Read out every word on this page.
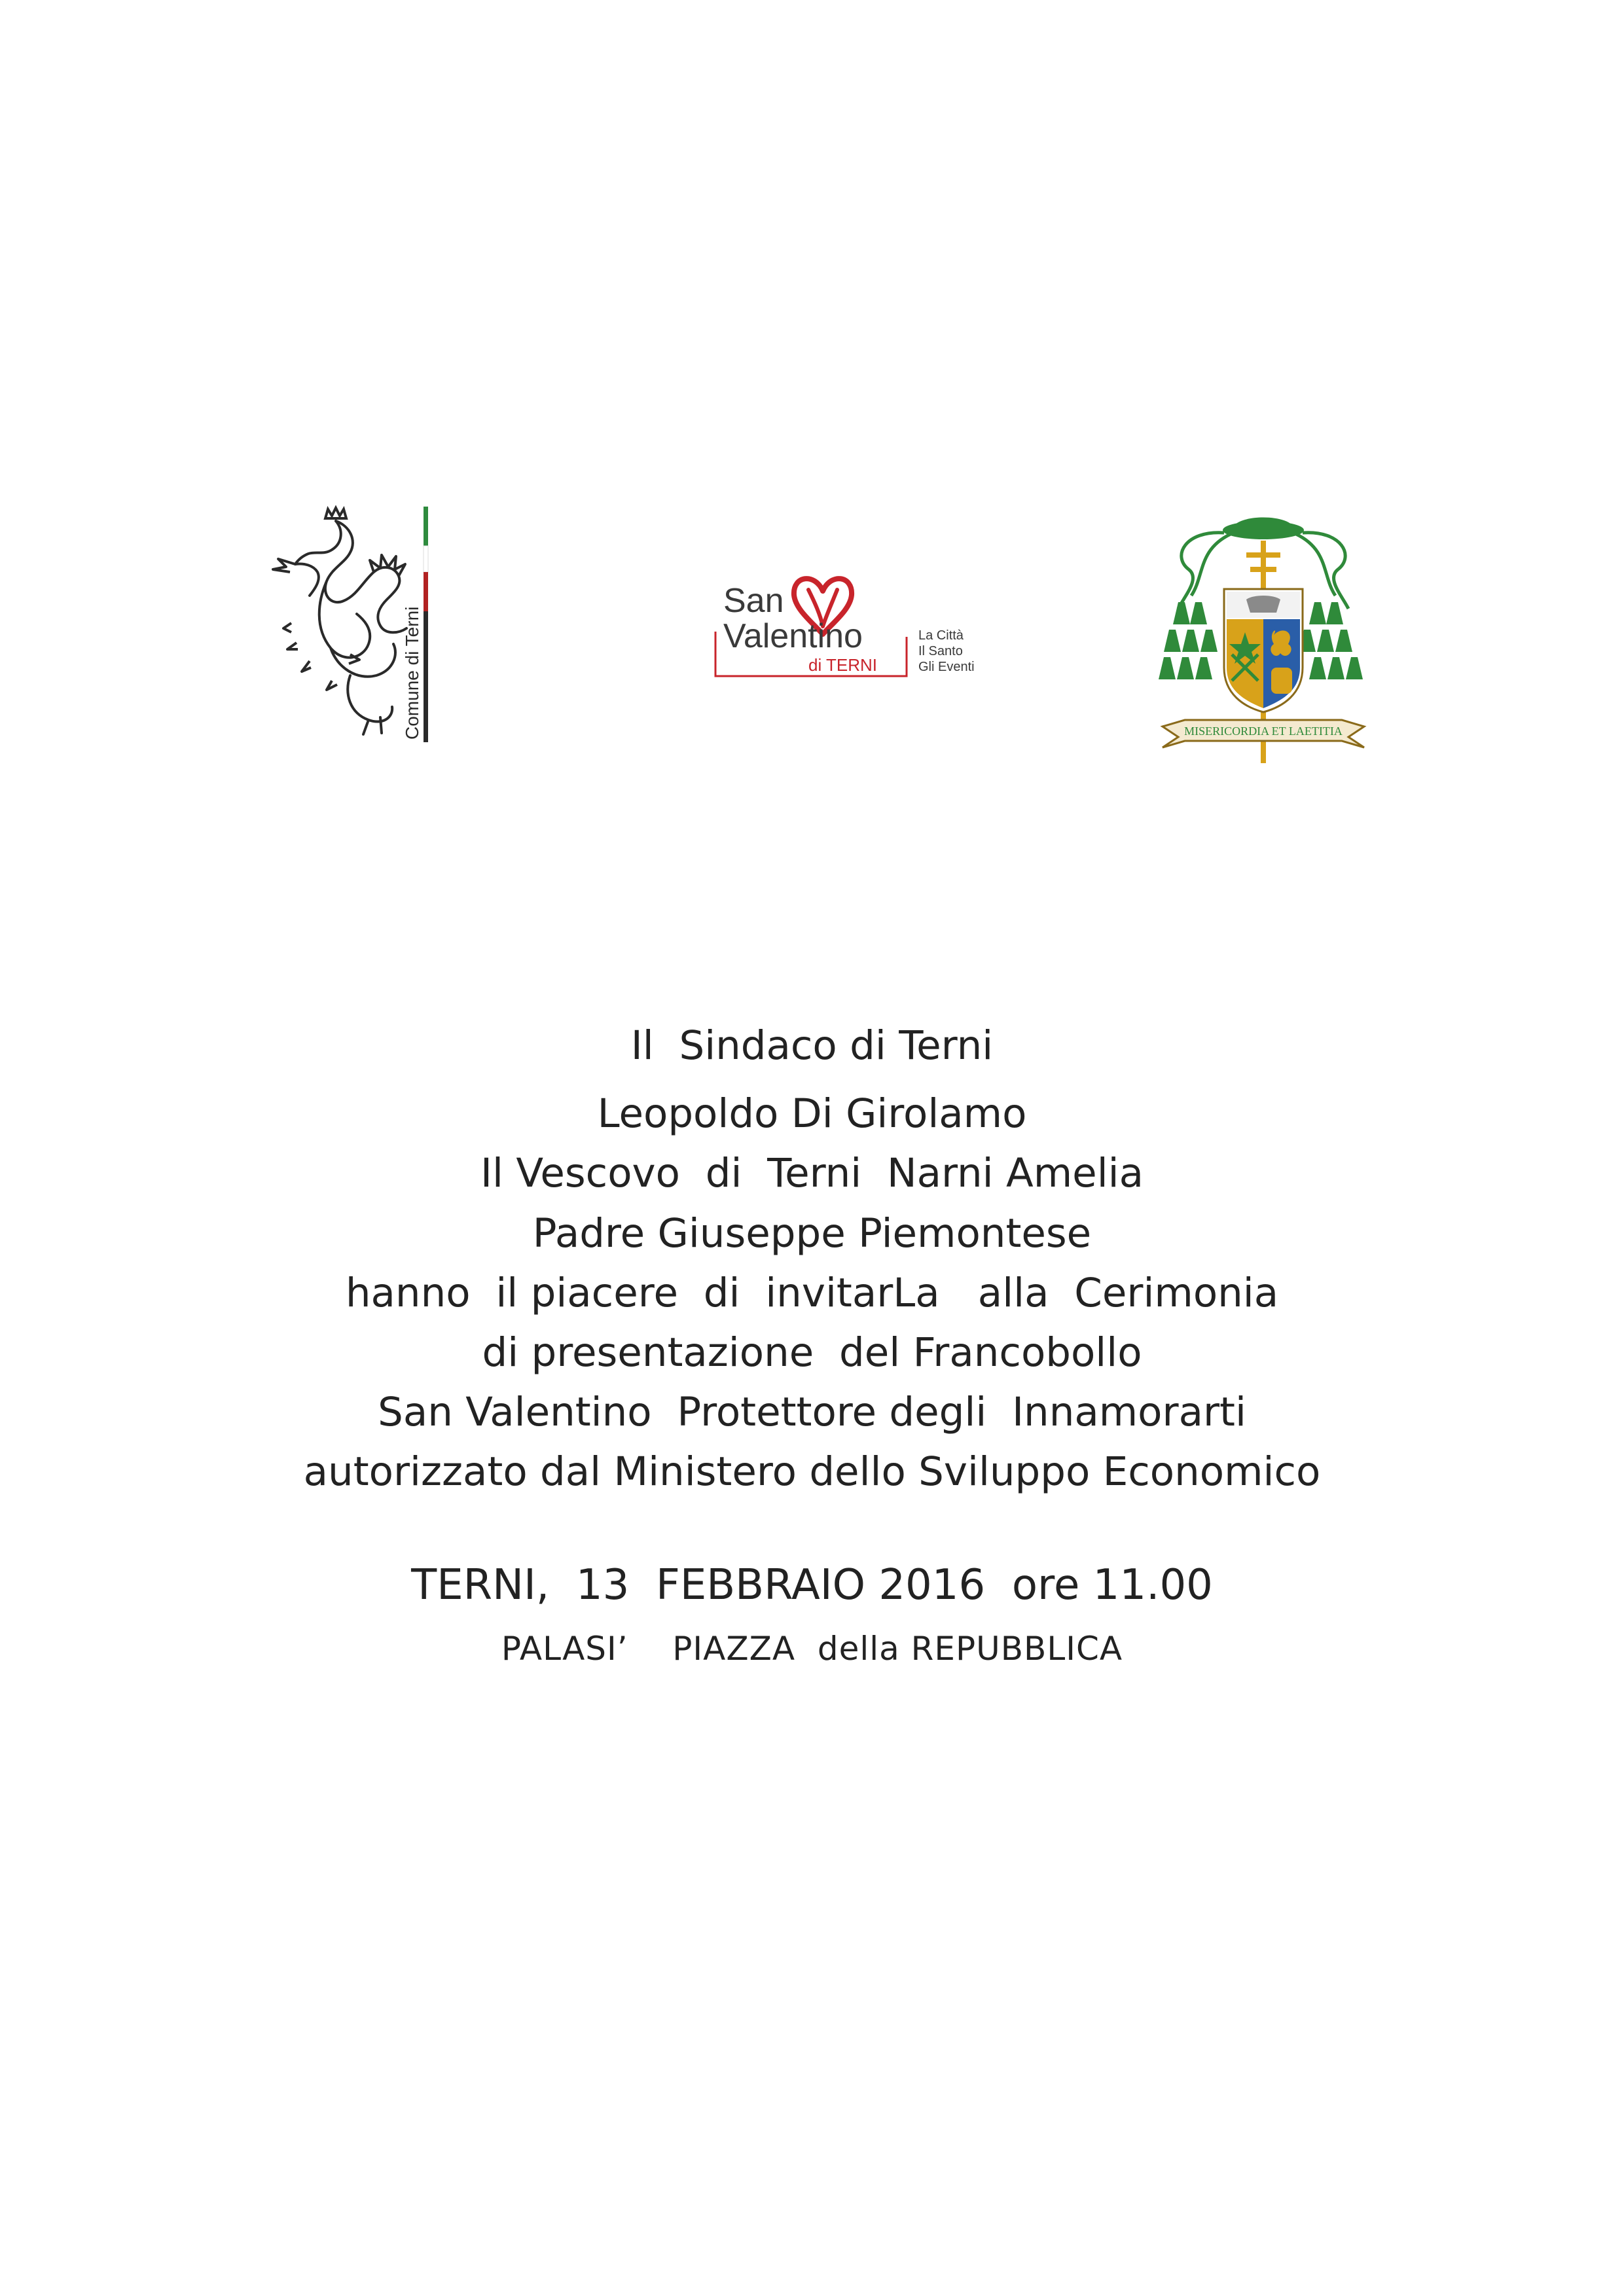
Comune di Terni
San
Valentino
di TERNI
La Città
Il Santo
Gli Eventi
MISERICORDIA ET LAETITIA
Il  Sindaco di Terni
Leopoldo Di Girolamo
Il Vescovo  di  Terni  Narni Amelia
Padre Giuseppe Piemontese
hanno  il piacere  di  invitarLa   alla  Cerimonia
di presentazione  del Francobollo
San Valentino  Protettore degli  Innamorarti
autorizzato dal Ministero dello Sviluppo Economico
TERNI,  13  FEBBRAIO 2016  ore 11.00
PALASI’    PIAZZA  della REPUBBLICA
